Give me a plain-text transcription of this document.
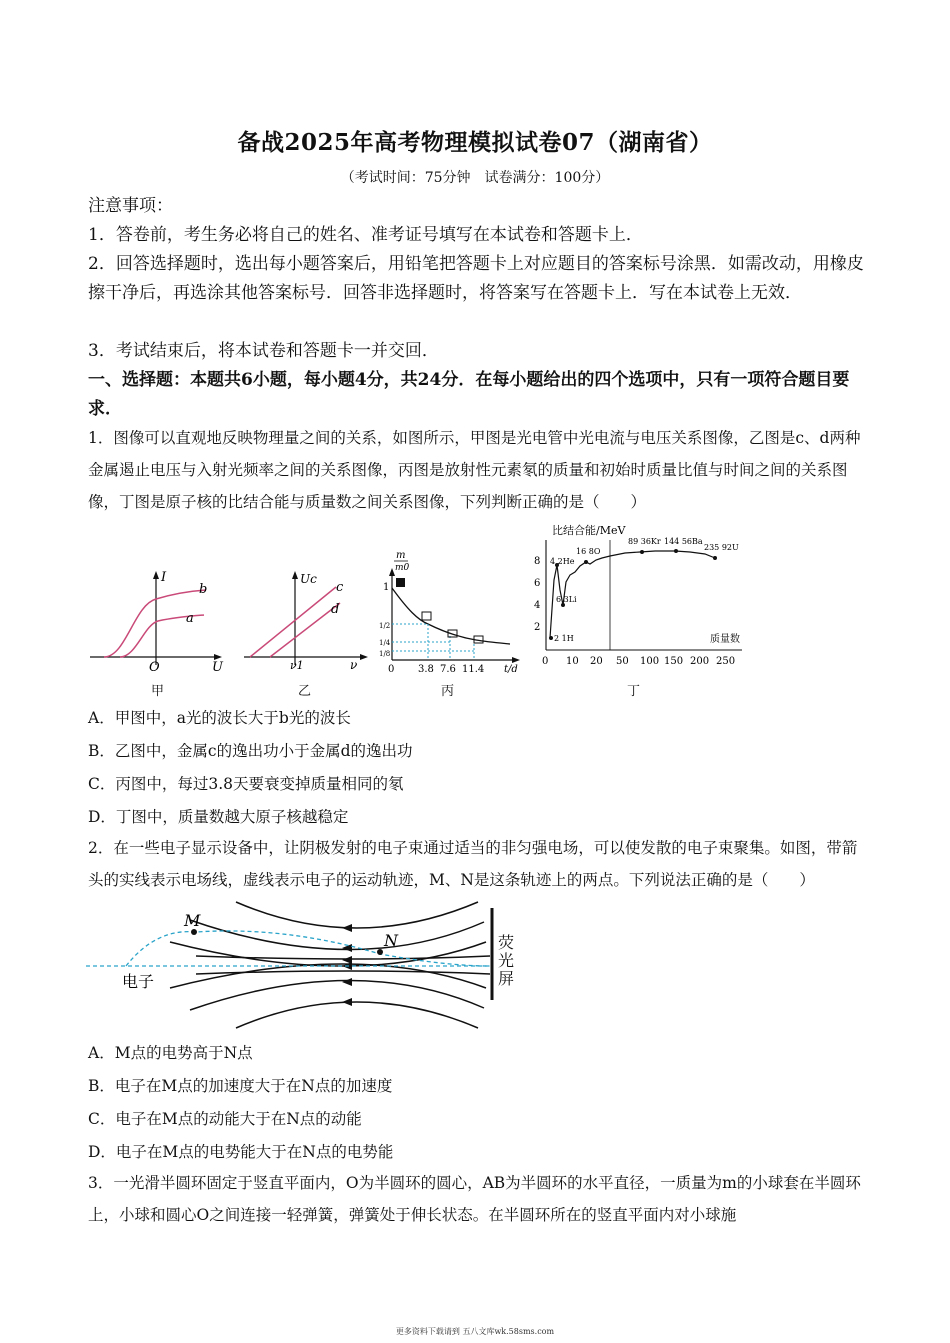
备战2025年高考物理模拟试卷07（湖南省）
（考试时间：75分钟　试卷满分：100分）
注意事项：
1．答卷前，考生务必将自己的姓名、准考证号填写在本试卷和答题卡上．
2．回答选择题时，选出每小题答案后，用铅笔把答题卡上对应题目的答案标号涂黑．如需改动，用橡皮擦干净后，再选涂其他答案标号．回答非选择题时，将答案写在答题卡上．写在本试卷上无效．
3．考试结束后，将本试卷和答题卡一并交回．
一、选择题：本题共6小题，每小题4分，共24分．在每小题给出的四个选项中，只有一项符合题目要求．
1．图像可以直观地反映物理量之间的关系，如图所示，甲图是光电管中光电流与电压关系图像，乙图是c、d两种金属遏止电压与入射光频率之间的关系图像，丙图是放射性元素氡的质量和初始时质量比值与时间之间的关系图像，丁图是原子核的比结合能与质量数之间关系图像，下列判断正确的是（　　）
I
U
O
b
a
甲
Uc
ν
ν1
c
d
乙
m
m0
1
1/2
1/4
1/8
0 3.8 7.6 11.4 t/d
丙
比结合能/MeV
8
6
4
2
0 10 20 50 100 150 200 250
质量数
4 2He
16 8O
89 36Kr 144 56Ba
235 92U
6 3Li
2 1H
丁
A．甲图中，a光的波长大于b光的波长
B．乙图中，金属c的逸出功小于金属d的逸出功
C．丙图中，每过3.8天要衰变掉质量相同的氡
D．丁图中，质量数越大原子核越稳定
2．在一些电子显示设备中，让阴极发射的电子束通过适当的非匀强电场，可以使发散的电子束聚集。如图，带箭头的实线表示电场线，虚线表示电子的运动轨迹，M、N是这条轨迹上的两点。下列说法正确的是（　　）
M
N
电子
荧光屏
A．M点的电势高于N点
B．电子在M点的加速度大于在N点的加速度
C．电子在M点的动能大于在N点的动能
D．电子在M点的电势能大于在N点的电势能
3．一光滑半圆环固定于竖直平面内，O为半圆环的圆心，AB为半圆环的水平直径，一质量为m的小球套在半圆环上，小球和圆心O之间连接一轻弹簧，弹簧处于伸长状态。在半圆环所在的竖直平面内对小球施
更多资料下载请到 五八文库wk.58sms.com
